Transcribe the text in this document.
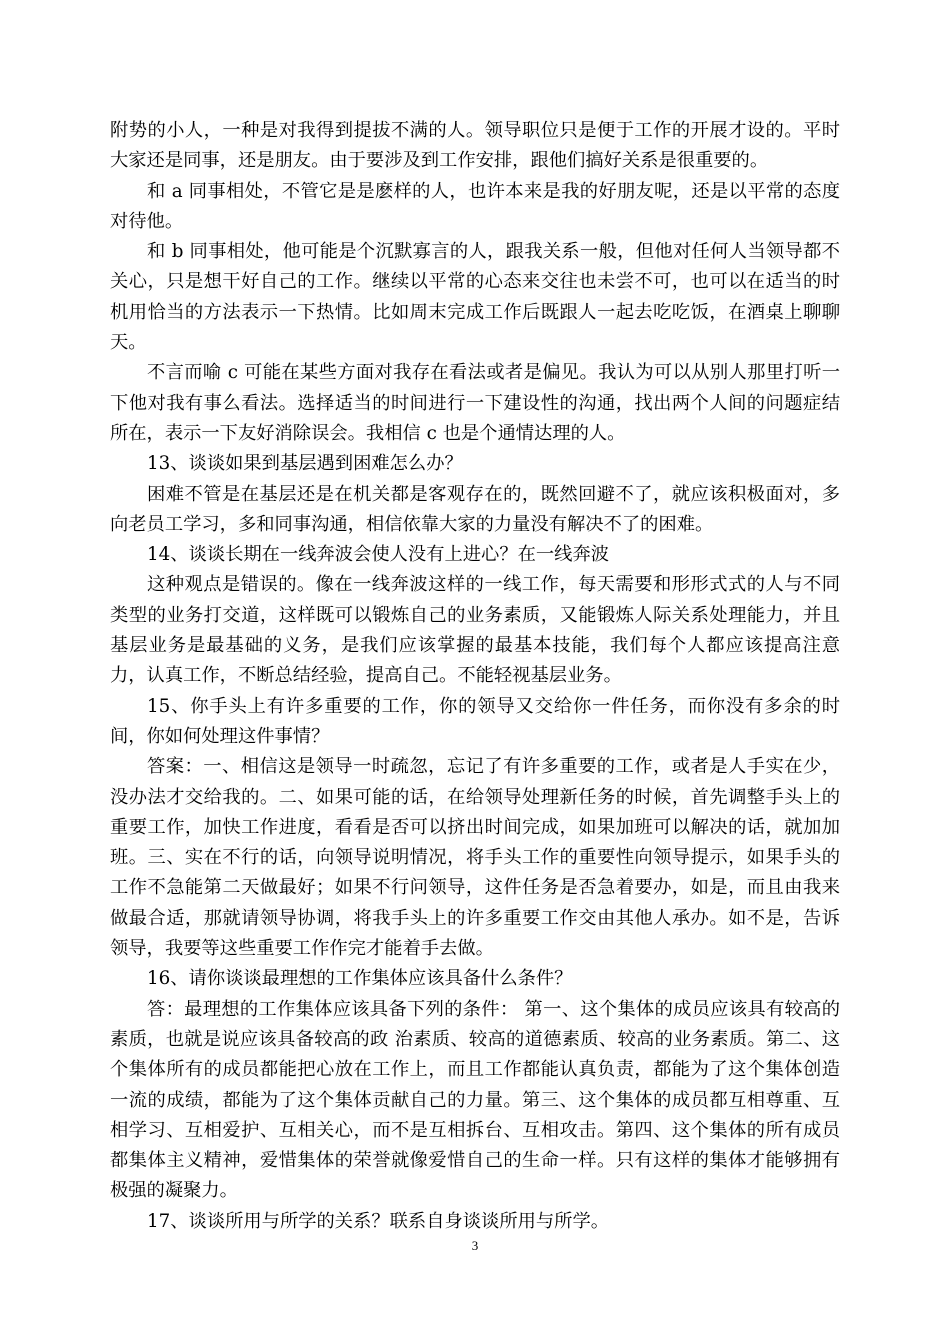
附势的小人，一种是对我得到提拔不满的人。领导职位只是便于工作的开展才设的。平时大家还是同事，还是朋友。由于要涉及到工作安排，跟他们搞好关系是很重要的。

和 a 同事相处，不管它是是麽样的人，也许本来是我的好朋友呢，还是以平常的态度对待他。

和 b 同事相处，他可能是个沉默寡言的人，跟我关系一般，但他对任何人当领导都不关心，只是想干好自己的工作。继续以平常的心态来交往也未尝不可，也可以在适当的时机用恰当的方法表示一下热情。比如周末完成工作后既跟人一起去吃吃饭，在酒桌上聊聊天。

不言而喻 c 可能在某些方面对我存在看法或者是偏见。我认为可以从别人那里打听一下他对我有事么看法。选择适当的时间进行一下建设性的沟通，找出两个人间的问题症结所在，表示一下友好消除误会。我相信 c 也是个通情达理的人。

13、谈谈如果到基层遇到困难怎么办？

困难不管是在基层还是在机关都是客观存在的，既然回避不了，就应该积极面对，多向老员工学习，多和同事沟通，相信依靠大家的力量没有解决不了的困难。

14、谈谈长期在一线奔波会使人没有上进心？在一线奔波

这种观点是错误的。像在一线奔波这样的一线工作，每天需要和形形式式的人与不同类型的业务打交道，这样既可以锻炼自己的业务素质，又能锻炼人际关系处理能力，并且基层业务是最基础的义务，是我们应该掌握的最基本技能，我们每个人都应该提高注意力，认真工作，不断总结经验，提高自己。不能轻视基层业务。

15、你手头上有许多重要的工作，你的领导又交给你一件任务，而你没有多余的时间，你如何处理这件事情？

答案：一、相信这是领导一时疏忽，忘记了有许多重要的工作，或者是人手实在少，没办法才交给我的。二、如果可能的话，在给领导处理新任务的时候，首先调整手头上的重要工作，加快工作进度，看看是否可以挤出时间完成，如果加班可以解决的话，就加加班。三、实在不行的话，向领导说明情况，将手头工作的重要性向领导提示，如果手头的工作不急能第二天做最好；如果不行问领导，这件任务是否急着要办，如是，而且由我来做最合适，那就请领导协调，将我手头上的许多重要工作交由其他人承办。如不是，告诉领导，我要等这些重要工作作完才能着手去做。

16、请你谈谈最理想的工作集体应该具备什么条件？

答：最理想的工作集体应该具备下列的条件： 第一、这个集体的成员应该具有较高的素质，也就是说应该具备较高的政 治素质、较高的道德素质、较高的业务素质。第二、这个集体所有的成员都能把心放在工作上，而且工作都能认真负责，都能为了这个集体创造一流的成绩，都能为了这个集体贡献自己的力量。第三、这个集体的成员都互相尊重、互相学习、互相爱护、互相关心，而不是互相拆台、互相攻击。第四、这个集体的所有成员都集体主义精神，爱惜集体的荣誉就像爱惜自己的生命一样。只有这样的集体才能够拥有极强的凝聚力。

17、谈谈所用与所学的关系？联系自身谈谈所用与所学。

3
